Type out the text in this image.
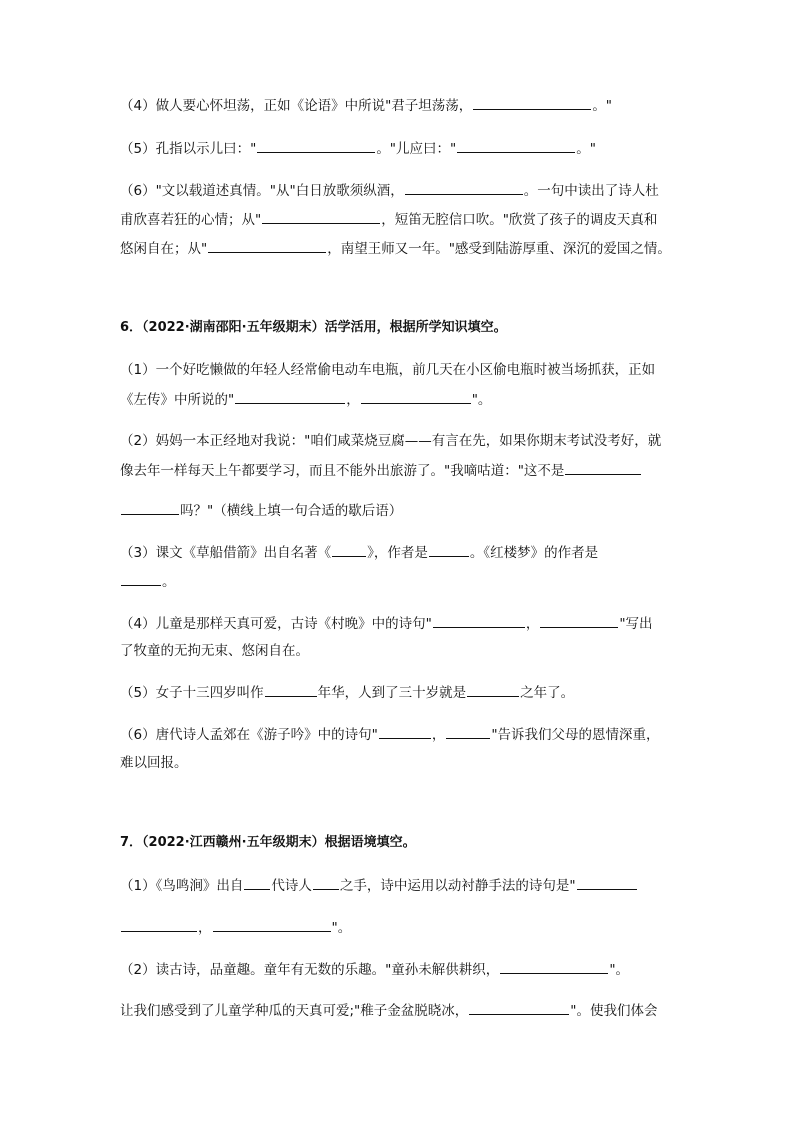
（4）做人要心怀坦荡，正如《论语》中所说"君子坦荡荡，	。"
（5）孔指以示儿曰："	。"儿应曰："	。"
（6）"文以载道述真情。"从"白日放歌须纵酒，	。一句中读出了诗人杜
甫欣喜若狂的心情；从"	，短笛无腔信口吹。"欣赏了孩子的调皮天真和
悠闲自在；从"	，南望王师又一年。"感受到陆游厚重、深沉的爱国之情。
6．（2022·湖南邵阳·五年级期末）活学活用，根据所学知识填空。
（1）一个好吃懒做的年轻人经常偷电动车电瓶，前几天在小区偷电瓶时被当场抓获，正如
《左传》中所说的"	，	"。
（2）妈妈一本正经地对我说："咱们咸菜烧豆腐——有言在先，如果你期末考试没考好，就
像去年一样每天上午都要学习，而且不能外出旅游了。"我嘀咕道："这不是
吗？"（横线上填一句合适的歇后语）
（3）课文《草船借箭》出自名著《	》，作者是	。《红楼梦》的作者是
。
（4）儿童是那样天真可爱，古诗《村晚》中的诗句"	，	"写出
了牧童的无拘无束、悠闲自在。
（5）女子十三四岁叫作	年华，人到了三十岁就是	之年了。
（6）唐代诗人孟郊在《游子吟》中的诗句"	，	"告诉我们父母的恩情深重，
难以回报。
7．（2022·江西赣州·五年级期末）根据语境填空。
（1）《鸟鸣涧》出自 代诗人 之手，诗中运用以动衬静手法的诗句是"
，	"。
（2）读古诗，品童趣。童年有无数的乐趣。"童孙未解供耕织，	"。
让我们感受到了儿童学种瓜的天真可爱;"稚子金盆脱晓冰，	"。使我们体会
